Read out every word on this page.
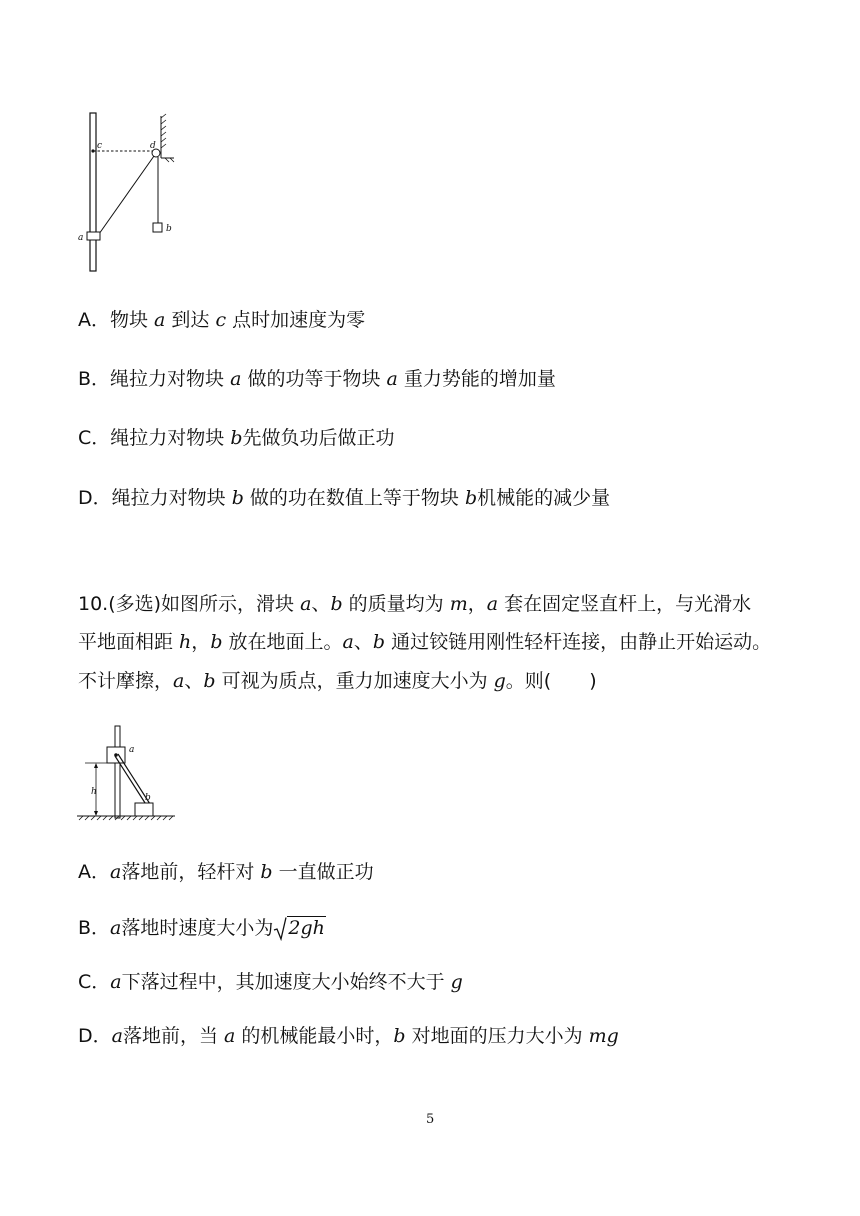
c	d
a
b
A．物块 a 到达 c 点时加速度为零
B．绳拉力对物块 a 做的功等于物块 a 重力势能的增加量
C．绳拉力对物块 b先做负功后做正功
D．绳拉力对物块 b 做的功在数值上等于物块 b机械能的减少量
10.(多选)如图所示，滑块 a、b 的质量均为 m，a 套在固定竖直杆上，与光滑水
平地面相距 h，b 放在地面上。a、b 通过铰链用刚性轻杆连接，由静止开始运动。
不计摩擦，a、b 可视为质点，重力加速度大小为 g。则(　　)
a
b
h
A．a落地前，轻杆对 b 一直做正功
B．a落地时速度大小为 2gh
C．a下落过程中，其加速度大小始终不大于 g
D．a落地前，当 a 的机械能最小时，b 对地面的压力大小为 mg
5
